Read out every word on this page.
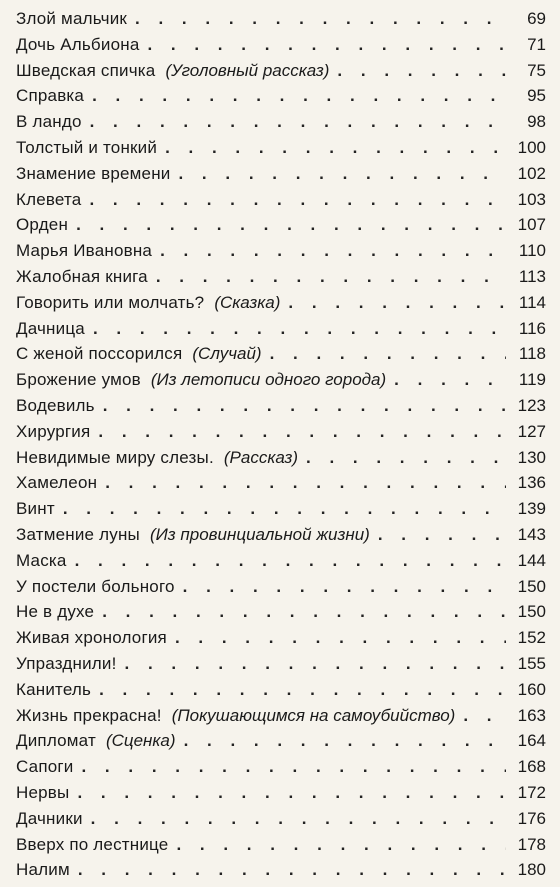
Злой мальчик . . .	69
Дочь Альбиона . . .	71
Шведская спичка (Уголовный рассказ) . . .	75
Справка . . .	95
В ландо . . .	98
Толстый и тонкий . . .	100
Знамение времени . . .	102
Клевета . . .	103
Орден . . .	107
Марья Ивановна . . .	110
Жалобная книга . . .	113
Говорить или молчать? (Сказка) . . .	114
Дачница . . .	116
С женой поссорился (Случай) . . .	118
Брожение умов (Из летописи одного города) . . .	119
Водевиль . . .	123
Хирургия . . .	127
Невидимые миру слезы. (Рассказ) . . .	130
Хамелеон . . .	136
Винт . . .	139
Затмение луны (Из провинциальной жизни) . . .	143
Маска . . .	144
У постели больного . . .	150
Не в духе . . .	150
Живая хронология . . .	152
Упразднили! . . .	155
Канитель . . .	160
Жизнь прекрасна! (Покушающимся на самоубийство) . . .	163
Дипломат (Сценка) . . .	164
Сапоги . . .	168
Нервы . . .	172
Дачники . . .	176
Вверх по лестнице . . .	178
Налим . . .	180
